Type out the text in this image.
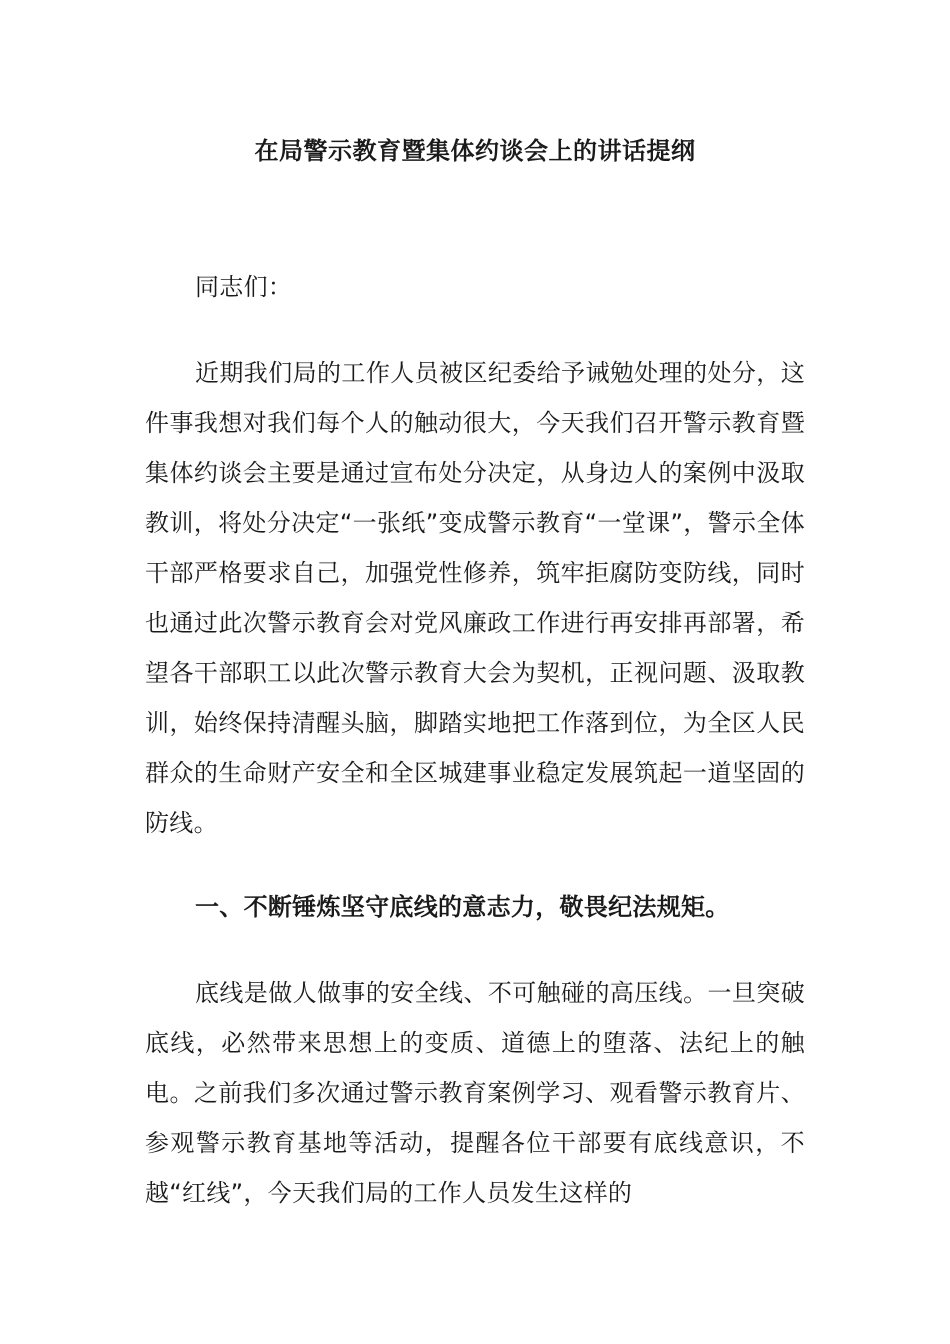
在局警示教育暨集体约谈会上的讲话提纲
同志们：
近期我们局的工作人员被区纪委给予诫勉处理的处分，这件事我想对我们每个人的触动很大，今天我们召开警示教育暨集体约谈会主要是通过宣布处分决定，从身边人的案例中汲取教训，将处分决定“一张纸”变成警示教育“一堂课”，警示全体干部严格要求自己，加强党性修养，筑牢拒腐防变防线，同时也通过此次警示教育会对党风廉政工作进行再安排再部署，希望各干部职工以此次警示教育大会为契机，正视问题、汲取教训，始终保持清醒头脑，脚踏实地把工作落到位，为全区人民群众的生命财产安全和全区城建事业稳定发展筑起一道坚固的防线。
一、不断锤炼坚守底线的意志力，敬畏纪法规矩。
底线是做人做事的安全线、不可触碰的高压线。一旦突破底线，必然带来思想上的变质、道德上的堕落、法纪上的触电。之前我们多次通过警示教育案例学习、观看警示教育片、参观警示教育基地等活动，提醒各位干部要有底线意识，不越“红线”，今天我们局的工作人员发生这样的
